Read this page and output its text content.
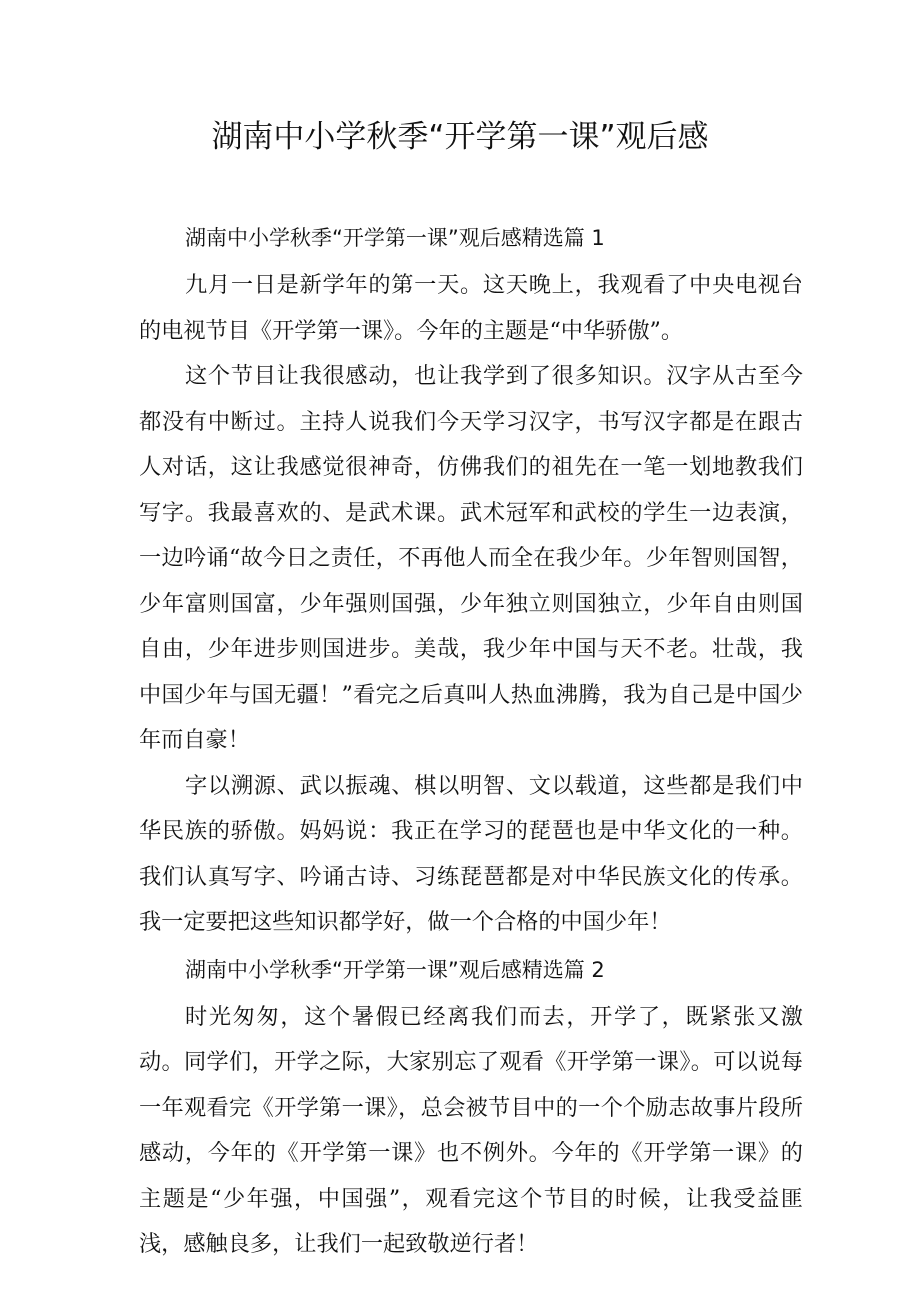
湖南中小学秋季“开学第一课”观后感

湖南中小学秋季“开学第一课”观后感精选篇 1

九月一日是新学年的第一天。这天晚上，我观看了中央电视台的电视节目《开学第一课》。今年的主题是“中华骄傲”。

这个节目让我很感动，也让我学到了很多知识。汉字从古至今都没有中断过。主持人说我们今天学习汉字，书写汉字都是在跟古人对话，这让我感觉很神奇，仿佛我们的祖先在一笔一划地教我们写字。我最喜欢的、是武术课。武术冠军和武校的学生一边表演，一边吟诵“故今日之责任，不再他人而全在我少年。少年智则国智，少年富则国富，少年强则国强，少年独立则国独立，少年自由则国自由，少年进步则国进步。美哉，我少年中国与天不老。壮哉，我中国少年与国无疆！”看完之后真叫人热血沸腾，我为自己是中国少年而自豪！

字以溯源、武以振魂、棋以明智、文以载道，这些都是我们中华民族的骄傲。妈妈说：我正在学习的琵琶也是中华文化的一种。我们认真写字、吟诵古诗、习练琵琶都是对中华民族文化的传承。我一定要把这些知识都学好，做一个合格的中国少年！

湖南中小学秋季“开学第一课”观后感精选篇 2

时光匆匆，这个暑假已经离我们而去，开学了，既紧张又激动。同学们，开学之际，大家别忘了观看《开学第一课》。可以说每一年观看完《开学第一课》，总会被节目中的一个个励志故事片段所感动，今年的《开学第一课》也不例外。今年的《开学第一课》的主题是“少年强，中国强”，观看完这个节目的时候，让我受益匪浅，感触良多，让我们一起致敬逆行者！
